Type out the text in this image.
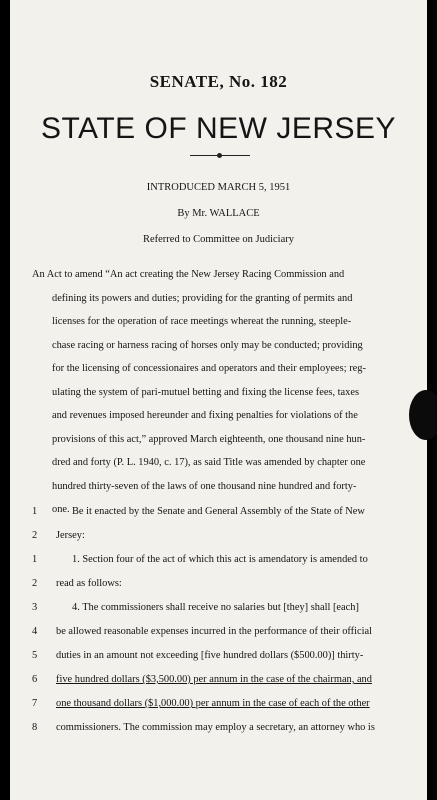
SENATE, No. 182
STATE OF NEW JERSEY
INTRODUCED MARCH 5, 1951
By Mr. WALLACE
Referred to Committee on Judiciary
An Act to amend “An act creating the New Jersey Racing Commission and
defining its powers and duties; providing for the granting of permits and
licenses for the operation of race meetings whereat the running, steeple-
chase racing or harness racing of horses only may be conducted; providing
for the licensing of concessionaires and operators and their employees; reg-
ulating the system of pari-mutuel betting and fixing the license fees, taxes
and revenues imposed hereunder and fixing penalties for violations of the
provisions of this act,” approved March eighteenth, one thousand nine hun-
dred and forty (P. L. 1940, c. 17), as said Title was amended by chapter one
hundred thirty-seven of the laws of one thousand nine hundred and forty-
one.
1	Be it enacted by the Senate and General Assembly of the State of New
2	Jersey:
1	1. Section four of the act of which this act is amendatory is amended to
2	read as follows:
3	4. The commissioners shall receive no salaries but [they] shall [each]
4	be allowed reasonable expenses incurred in the performance of their official
5	duties in an amount not exceeding [five hundred dollars ($500.00)] thirty-
6	five hundred dollars ($3,500.00) per annum in the case of the chairman, and
7	one thousand dollars ($1,000.00) per annum in the case of each of the other
8	commissioners. The commission may employ a secretary, an attorney who is
